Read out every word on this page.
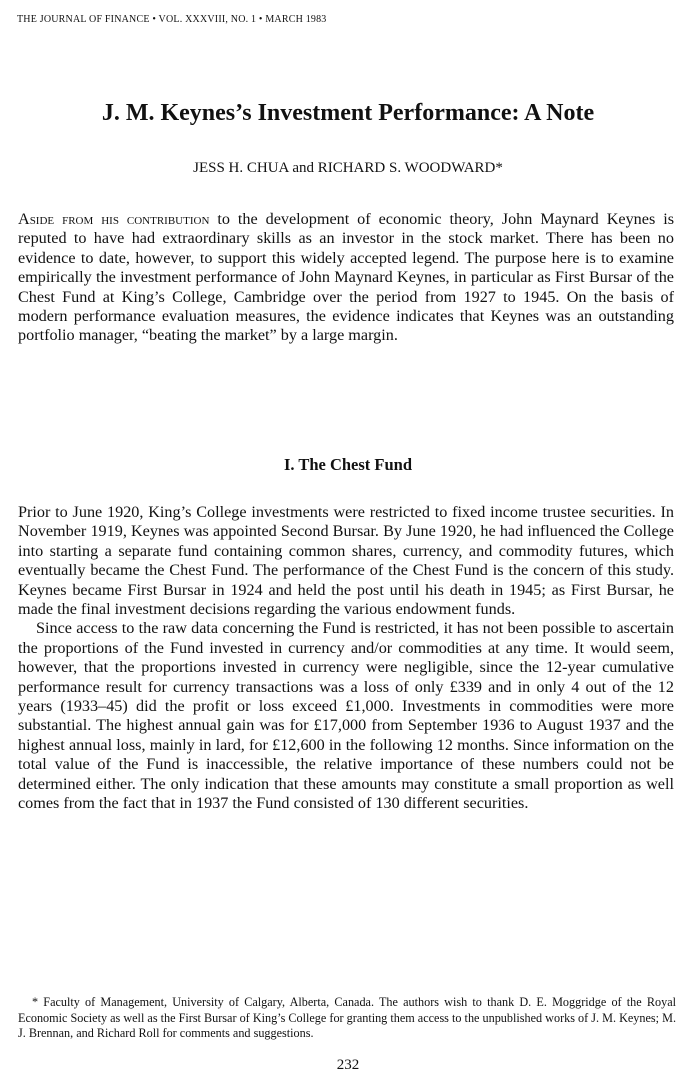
THE JOURNAL OF FINANCE • VOL. XXXVIII, NO. 1 • MARCH 1983
J. M. Keynes’s Investment Performance: A Note
JESS H. CHUA and RICHARD S. WOODWARD*
Aside from his contribution to the development of economic theory, John Maynard Keynes is reputed to have had extraordinary skills as an investor in the stock market. There has been no evidence to date, however, to support this widely accepted legend. The purpose here is to examine empirically the investment performance of John Maynard Keynes, in particular as First Bursar of the Chest Fund at King’s College, Cambridge over the period from 1927 to 1945. On the basis of modern performance evaluation measures, the evidence indicates that Keynes was an outstanding portfolio manager, “beating the market” by a large margin.
I. The Chest Fund

Prior to June 1920, King’s College investments were restricted to fixed income trustee securities. In November 1919, Keynes was appointed Second Bursar. By June 1920, he had influenced the College into starting a separate fund containing common shares, currency, and commodity futures, which eventually became the Chest Fund. The performance of the Chest Fund is the concern of this study. Keynes became First Bursar in 1924 and held the post until his death in 1945; as First Bursar, he made the final investment decisions regarding the various endowment funds.

Since access to the raw data concerning the Fund is restricted, it has not been possible to ascertain the proportions of the Fund invested in currency and/or commodities at any time. It would seem, however, that the proportions invested in currency were negligible, since the 12-year cumulative performance result for currency transactions was a loss of only £339 and in only 4 out of the 12 years (1933–45) did the profit or loss exceed £1,000. Investments in commodities were more substantial. The highest annual gain was for £17,000 from September 1936 to August 1937 and the highest annual loss, mainly in lard, for £12,600 in the following 12 months. Since information on the total value of the Fund is inaccessible, the relative importance of these numbers could not be determined either. The only indication that these amounts may constitute a small proportion as well comes from the fact that in 1937 the Fund consisted of 130 different securities.

* Faculty of Management, University of Calgary, Alberta, Canada. The authors wish to thank D. E. Moggridge of the Royal Economic Society as well as the First Bursar of King’s College for granting them access to the unpublished works of J. M. Keynes; M. J. Brennan, and Richard Roll for comments and suggestions.
232
